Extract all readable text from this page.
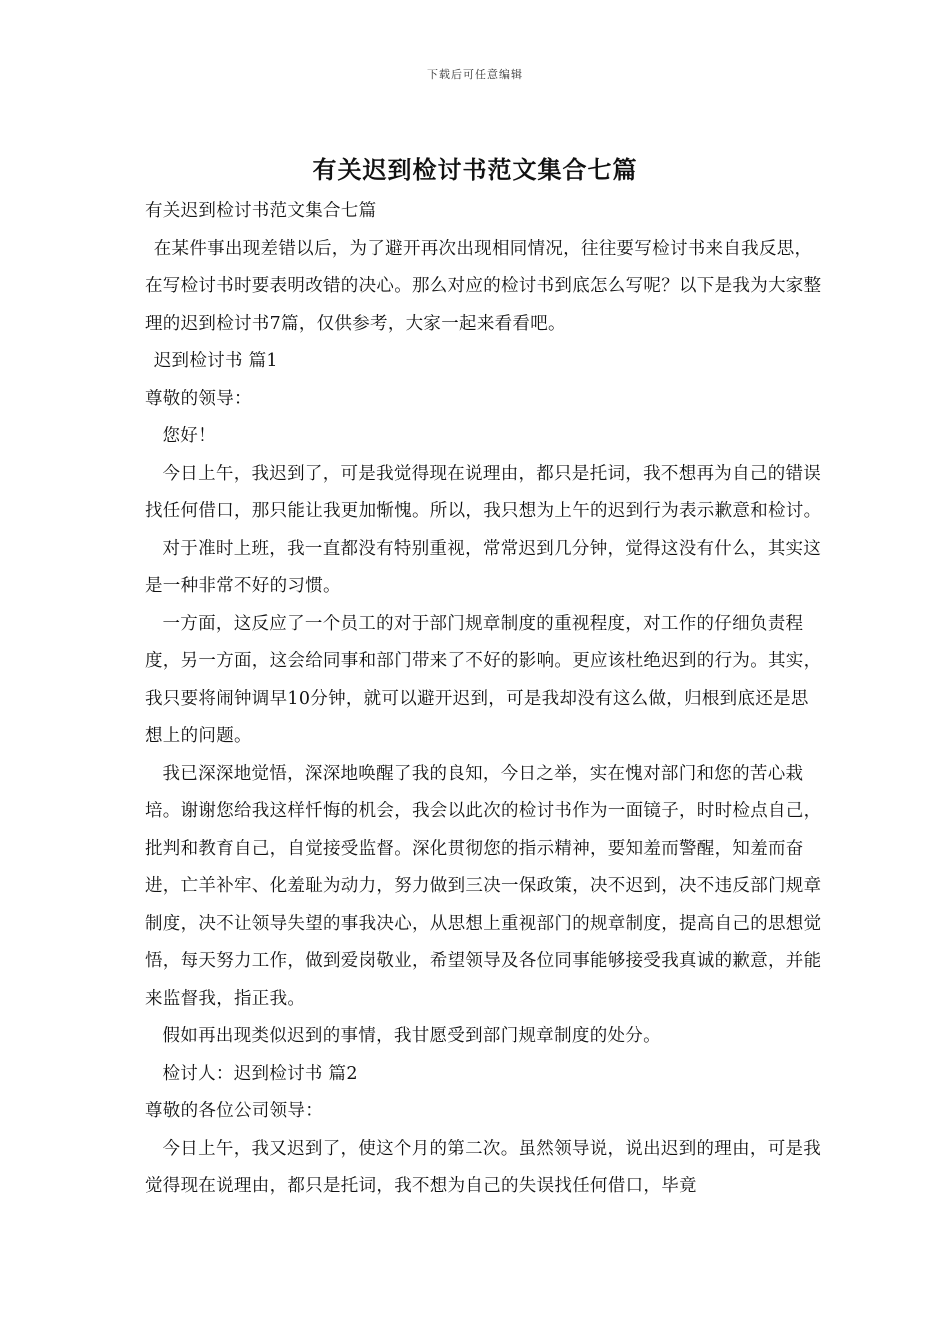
下载后可任意编辑
有关迟到检讨书范文集合七篇

有关迟到检讨书范文集合七篇

在某件事出现差错以后，为了避开再次出现相同情况，往往要写检讨书来自我反思，在写检讨书时要表明改错的决心。那么对应的检讨书到底怎么写呢？以下是我为大家整理的迟到检讨书7篇，仅供参考，大家一起来看看吧。

迟到检讨书 篇1

尊敬的领导：

您好！

今日上午，我迟到了，可是我觉得现在说理由，都只是托词，我不想再为自己的错误找任何借口，那只能让我更加惭愧。所以，我只想为上午的迟到行为表示歉意和检讨。

对于准时上班，我一直都没有特别重视，常常迟到几分钟，觉得这没有什么，其实这是一种非常不好的习惯。

一方面，这反应了一个员工的对于部门规章制度的重视程度，对工作的仔细负责程度，另一方面，这会给同事和部门带来了不好的影响。更应该杜绝迟到的行为。其实，我只要将闹钟调早10分钟，就可以避开迟到，可是我却没有这么做，归根到底还是思想上的问题。

我已深深地觉悟，深深地唤醒了我的良知，今日之举，实在愧对部门和您的苦心栽培。谢谢您给我这样忏悔的机会，我会以此次的检讨书作为一面镜子，时时检点自己，批判和教育自己，自觉接受监督。深化贯彻您的指示精神，要知羞而警醒，知羞而奋进，亡羊补牢、化羞耻为动力，努力做到三决一保政策，决不迟到，决不违反部门规章制度，决不让领导失望的事我决心，从思想上重视部门的规章制度，提高自己的思想觉悟，每天努力工作，做到爱岗敬业，希望领导及各位同事能够接受我真诚的歉意，并能来监督我，指正我。

假如再出现类似迟到的事情，我甘愿受到部门规章制度的处分。

检讨人：迟到检讨书 篇2

尊敬的各位公司领导：

今日上午，我又迟到了，使这个月的第二次。虽然领导说，说出迟到的理由，可是我觉得现在说理由，都只是托词，我不想为自己的失误找任何借口，毕竟
